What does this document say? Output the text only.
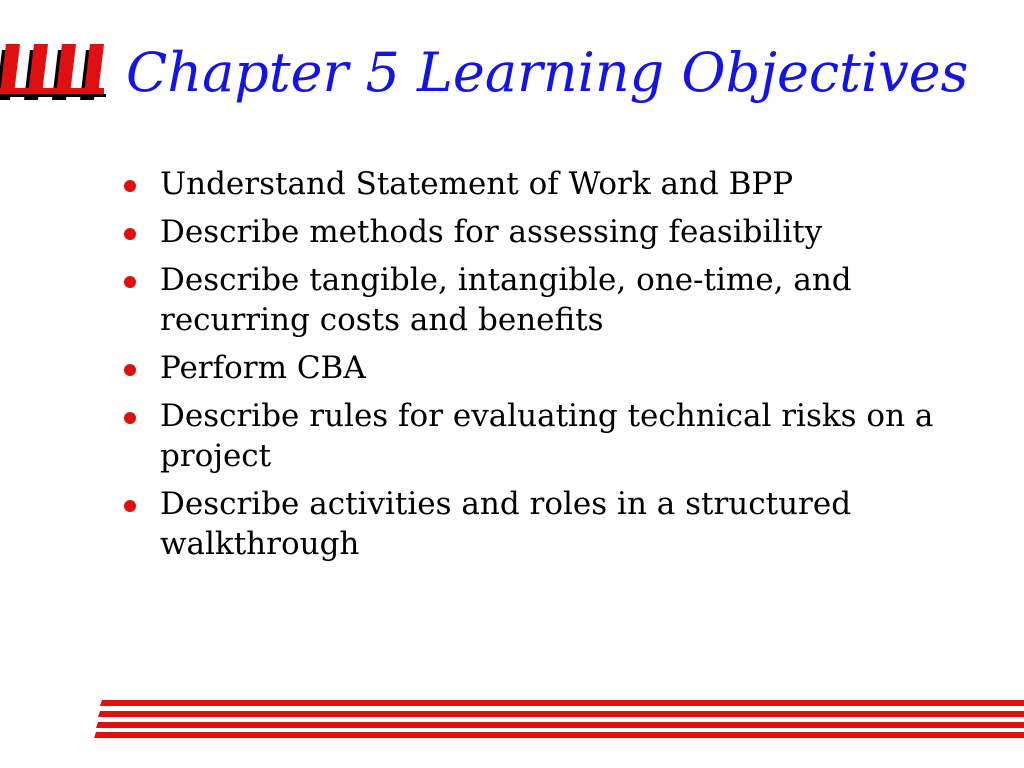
Chapter 5 Learning Objectives
Understand Statement of Work and BPP
Describe methods for assessing feasibility
Describe tangible, intangible, one-time, and recurring costs and benefits
Perform CBA
Describe rules for evaluating technical risks on a project
Describe activities and roles in a structured walkthrough
